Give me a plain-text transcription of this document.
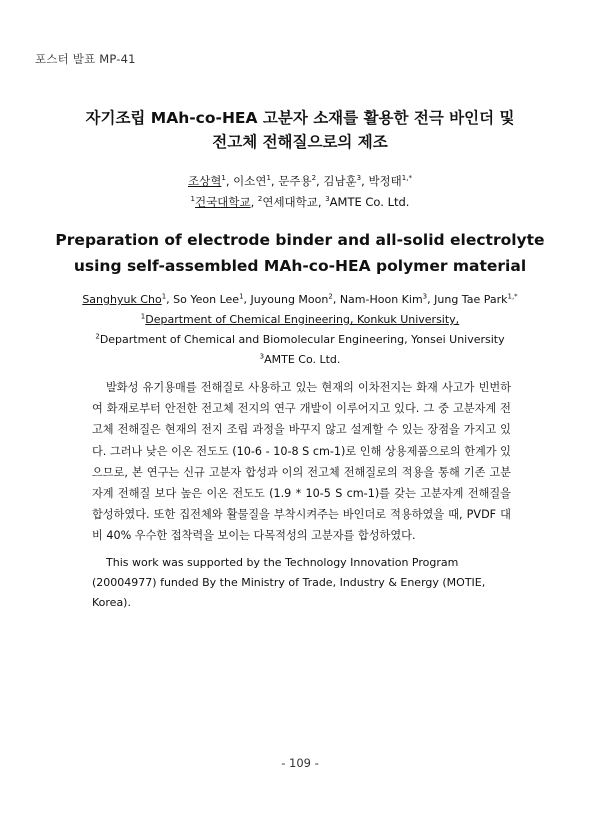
포스터 발표 MP-41
자기조립 MAh-co-HEA 고분자 소재를 활용한 전극 바인더 및
전고체 전해질으로의 제조
조상혁$^1$, 이소연$^1$, 문주용$^2$, 김남훈$^3$, 박정태$^{1,*}$
$^1$건국대학교, $^2$연세대학교, $^3$AMTE Co. Ltd.
Preparation of electrode binder and all-solid electrolyte
using self-assembled MAh-co-HEA polymer material
Sanghyuk Cho$^1$, So Yeon Lee$^1$, Juyoung Moon$^2$, Nam-Hoon Kim$^3$, Jung Tae Park$^{1,*}$
$^1$Department of Chemical Engineering, Konkuk University,
$^2$Department of Chemical and Biomolecular Engineering, Yonsei University
$^3$AMTE Co. Ltd.

발화성 유기용매를 전해질로 사용하고 있는 현재의 이차전지는 화재 사고가 빈번하여 화재로부터 안전한 전고체 전지의 연구 개발이 이루어지고 있다. 그 중 고분자계 전고체 전해질은 현재의 전지 조립 과정을 바꾸지 않고 설계할 수 있는 장점을 가지고 있다. 그러나 낮은 이온 전도도 (10-6 - 10-8 S cm-1)로 인해 상용제품으로의 한계가 있으므로, 본 연구는 신규 고분자 합성과 이의 전고체 전해질로의 적용을 통해 기존 고분자계 전해질 보다 높은 이온 전도도 (1.9 * 10-5 S cm-1)를 갖는 고분자계 전해질을 합성하였다. 또한 집전체와 활물질을 부착시켜주는 바인더로 적용하였을 때, PVDF 대비 40% 우수한 접착력을 보이는 다목적성의 고분자를 합성하였다.

This work was supported by the Technology Innovation Program (20004977) funded By the Ministry of Trade, Industry & Energy (MOTIE, Korea).

- 109 -
